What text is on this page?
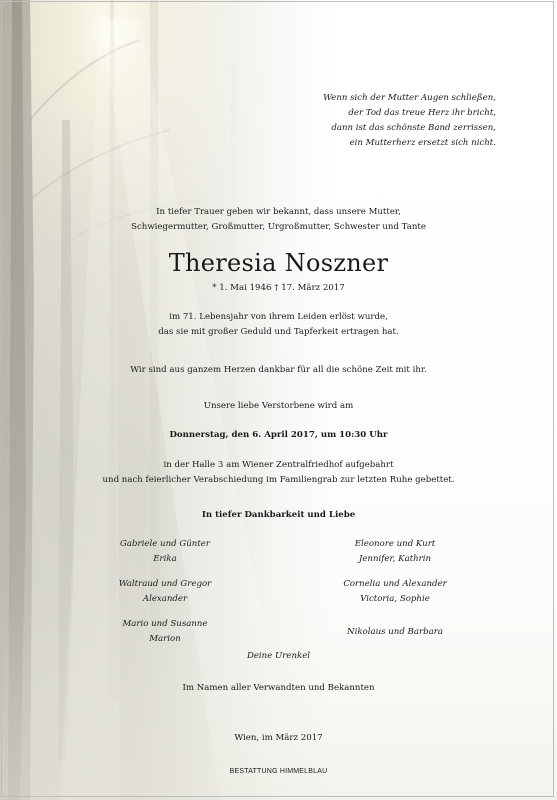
Wenn sich der Mutter Augen schließen,
der Tod das treue Herz ihr bricht,
dann ist das schönste Band zerrissen,
ein Mutterherz ersetzt sich nicht.
In tiefer Trauer geben wir bekannt, dass unsere Mutter,
Schwiegermutter, Großmutter, Urgroßmutter, Schwester und Tante
Theresia Noszner
* 1. Mai 1946 † 17. März 2017
im 71. Lebensjahr von ihrem Leiden erlöst wurde,
das sie mit großer Geduld und Tapferkeit ertragen hat.
Wir sind aus ganzem Herzen dankbar für all die schöne Zeit mit ihr.
Unsere liebe Verstorbene wird am
Donnerstag, den 6. April 2017, um 10:30 Uhr
in der Halle 3 am Wiener Zentralfriedhof aufgebahrt
und nach feierlicher Verabschiedung im Familiengrab zur letzten Ruhe gebettet.
In tiefer Dankbarkeit und Liebe
Gabriele und Günter
Erika
Waltraud und Gregor
Alexander
Mario und Susanne
Marion
Eleonore und Kurt
Jennifer, Kathrin
Cornelia und Alexander
Victoria, Sophie
Nikolaus und Barbara
Deine Urenkel
Im Namen aller Verwandten und Bekannten
Wien, im März 2017
BESTATTUNG HIMMELBLAU
